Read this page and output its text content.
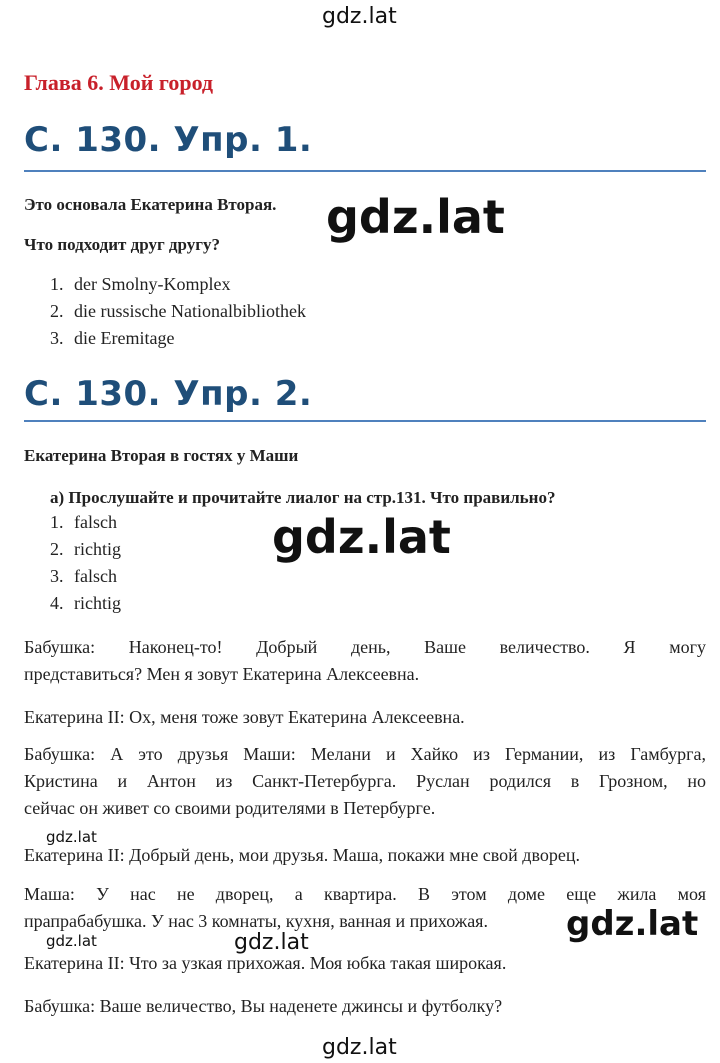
gdz.lat
Глава 6. Мой город
С. 130. Упр. 1.
Это основала Екатерина Вторая. gdz.lat
Что подходит друг другу?
1. der Smolny-Komplex
2. die russische Nationalbibliothek
3. die Eremitage
С. 130. Упр. 2.
Екатерина Вторая в гостях у Маши
а) Прослушайте и прочитайте лиалог на стр.131. Что правильно?
1. falsch
2. richtig
3. falsch
4. richtig
gdz.lat
Бабушка: Наконец-то! Добрый день, Ваше величество. Я могу
представиться? Мен я зовут Екатерина Алексеевна.
Екатерина II: Ох, меня тоже зовут Екатерина Алексеевна.
Бабушка: А это друзья Маши: Мелани и Хайко из Германии, из Гамбурга,
Кристина и Антон из Санкт-Петербурга. Руслан родился в Грозном, но
сейчас он живет со своими родителями в Петербурге.
gdz.lat
Екатерина II: Добрый день, мои друзья. Маша, покажи мне свой дворец.
Маша: У нас не дворец, а квартира. В этом доме еще жила моя
прапрабабушка. У нас 3 комнаты, кухня, ванная и прихожая.	gdz.lat
gdz.lat	gdz.lat
Екатерина II: Что за узкая прихожая. Моя юбка такая широкая.
Бабушка: Ваше величество, Вы наденете джинсы и футболку?
gdz.lat
